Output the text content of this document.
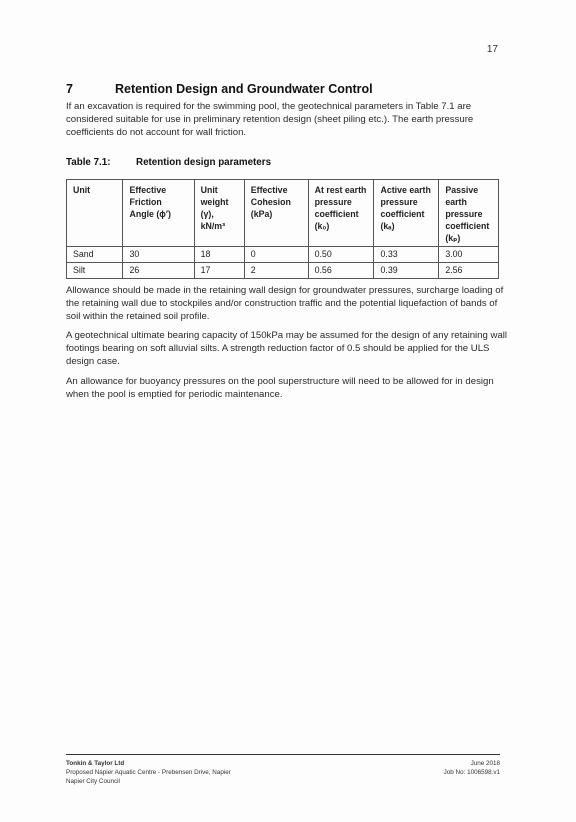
17
7	Retention Design and Groundwater Control

If an excavation is required for the swimming pool, the geotechnical parameters in Table 7.1 are considered suitable for use in preliminary retention design (sheet piling etc.). The earth pressure coefficients do not account for wall friction.

Table 7.1:	Retention design parameters
Unit	Effective Friction Angle (ϕ′)	Unit weight (γ), kN/m³	Effective Cohesion (kPa)	At rest earth pressure coefficient (k₀)	Active earth pressure coefficient (kₐ)	Passive earth pressure coefficient (kₚ)
Sand	30	18	0	0.50	0.33	3.00
Silt	26	17	2	0.56	0.39	2.56

Allowance should be made in the retaining wall design for groundwater pressures, surcharge loading of the retaining wall due to stockpiles and/or construction traffic and the potential liquefaction of bands of soil within the retained soil profile.

A geotechnical ultimate bearing capacity of 150kPa may be assumed for the design of any retaining wall footings bearing on soft alluvial silts. A strength reduction factor of 0.5 should be applied for the ULS design case.

An allowance for buoyancy pressures on the pool superstructure will need to be allowed for in design when the pool is emptied for periodic maintenance.

Tonkin & Taylor Ltd
Proposed Napier Aquatic Centre - Prebensen Drive, Napier
Napier City Council
June 2018
Job No: 1006598.v1
